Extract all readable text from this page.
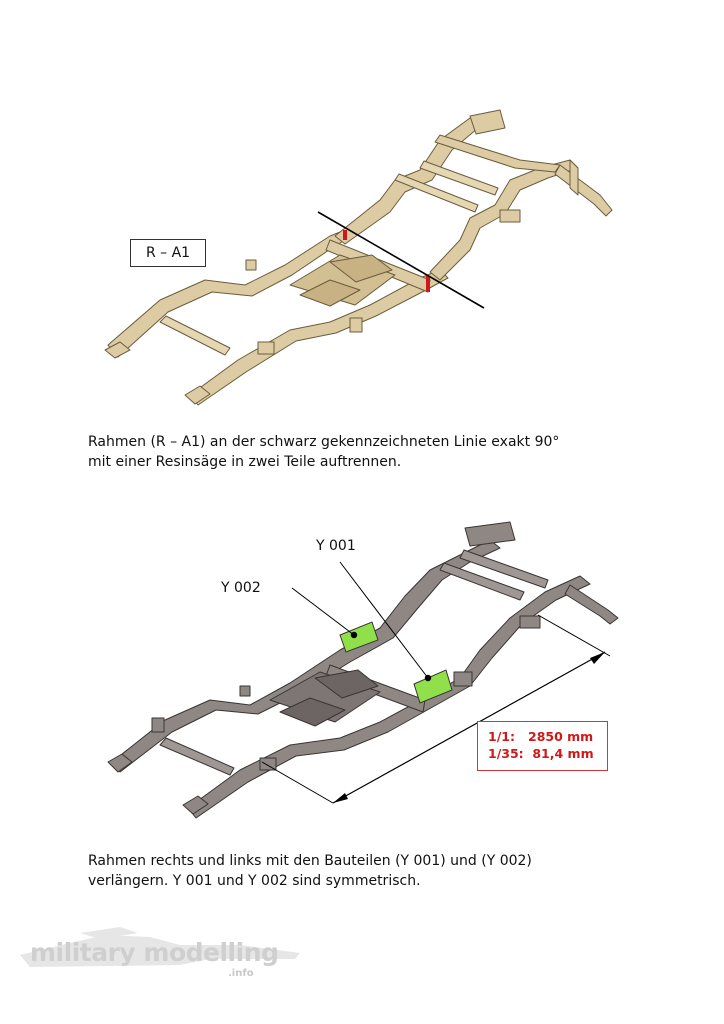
R – A1
Rahmen (R – A1) an der schwarz gekennzeichneten Linie exakt 90°
mit einer Resinsäge in zwei Teile auftrennen.
Y 001
Y 002
1/1:   2850 mm
1/35:  81,4 mm
Rahmen rechts und links mit den Bauteilen (Y 001) und (Y 002)
verlängern. Y 001 und Y 002 sind symmetrisch.
military modelling
.info
